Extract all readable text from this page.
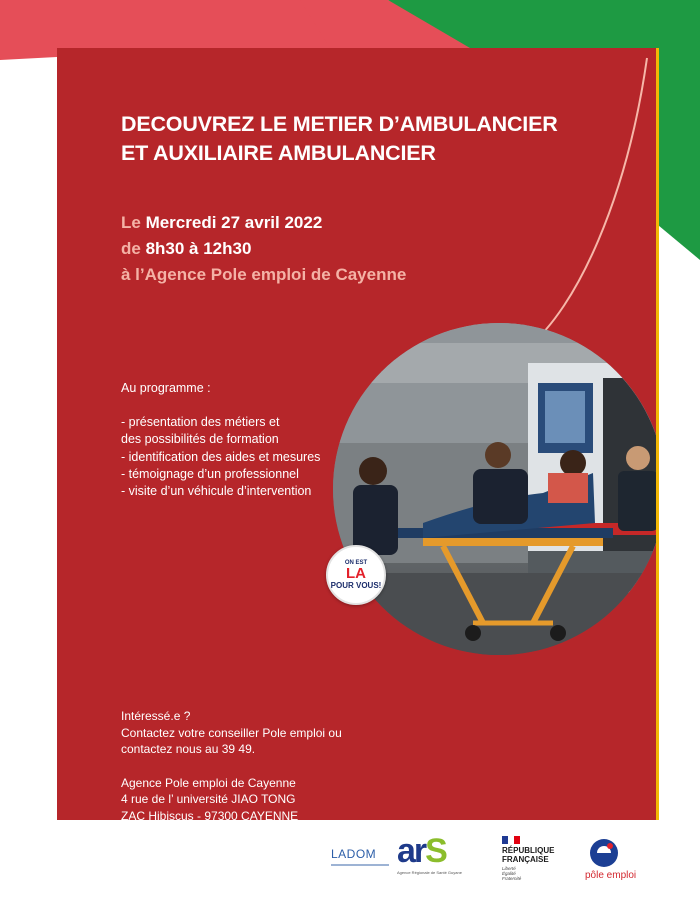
DECOUVREZ LE METIER D’AMBULANCIER
ET AUXILIAIRE AMBULANCIER
Le Mercredi 27 avril 2022
de 8h30 à 12h30
à l’Agence Pole emploi de Cayenne
Au programme :
- présentation des métiers et
des possibilités de formation
- identification des aides et mesures
- témoignage d’un professionnel
- visite d’un véhicule d’intervention
ON EST
LA
POUR VOUS!
Intéressé.e ?
Contactez votre conseiller Pole emploi ou
contactez nous au 39 49.
Agence Pole emploi de Cayenne
4 rue de l’ université JIAO TONG
ZAC Hibiscus - 97300 CAYENNE
LADOM arS
Agence Régionale de Santé Guyane
RÉPUBLIQUE
FRANÇAISE
Liberté
Égalité
Fraternité	pôle emploi
